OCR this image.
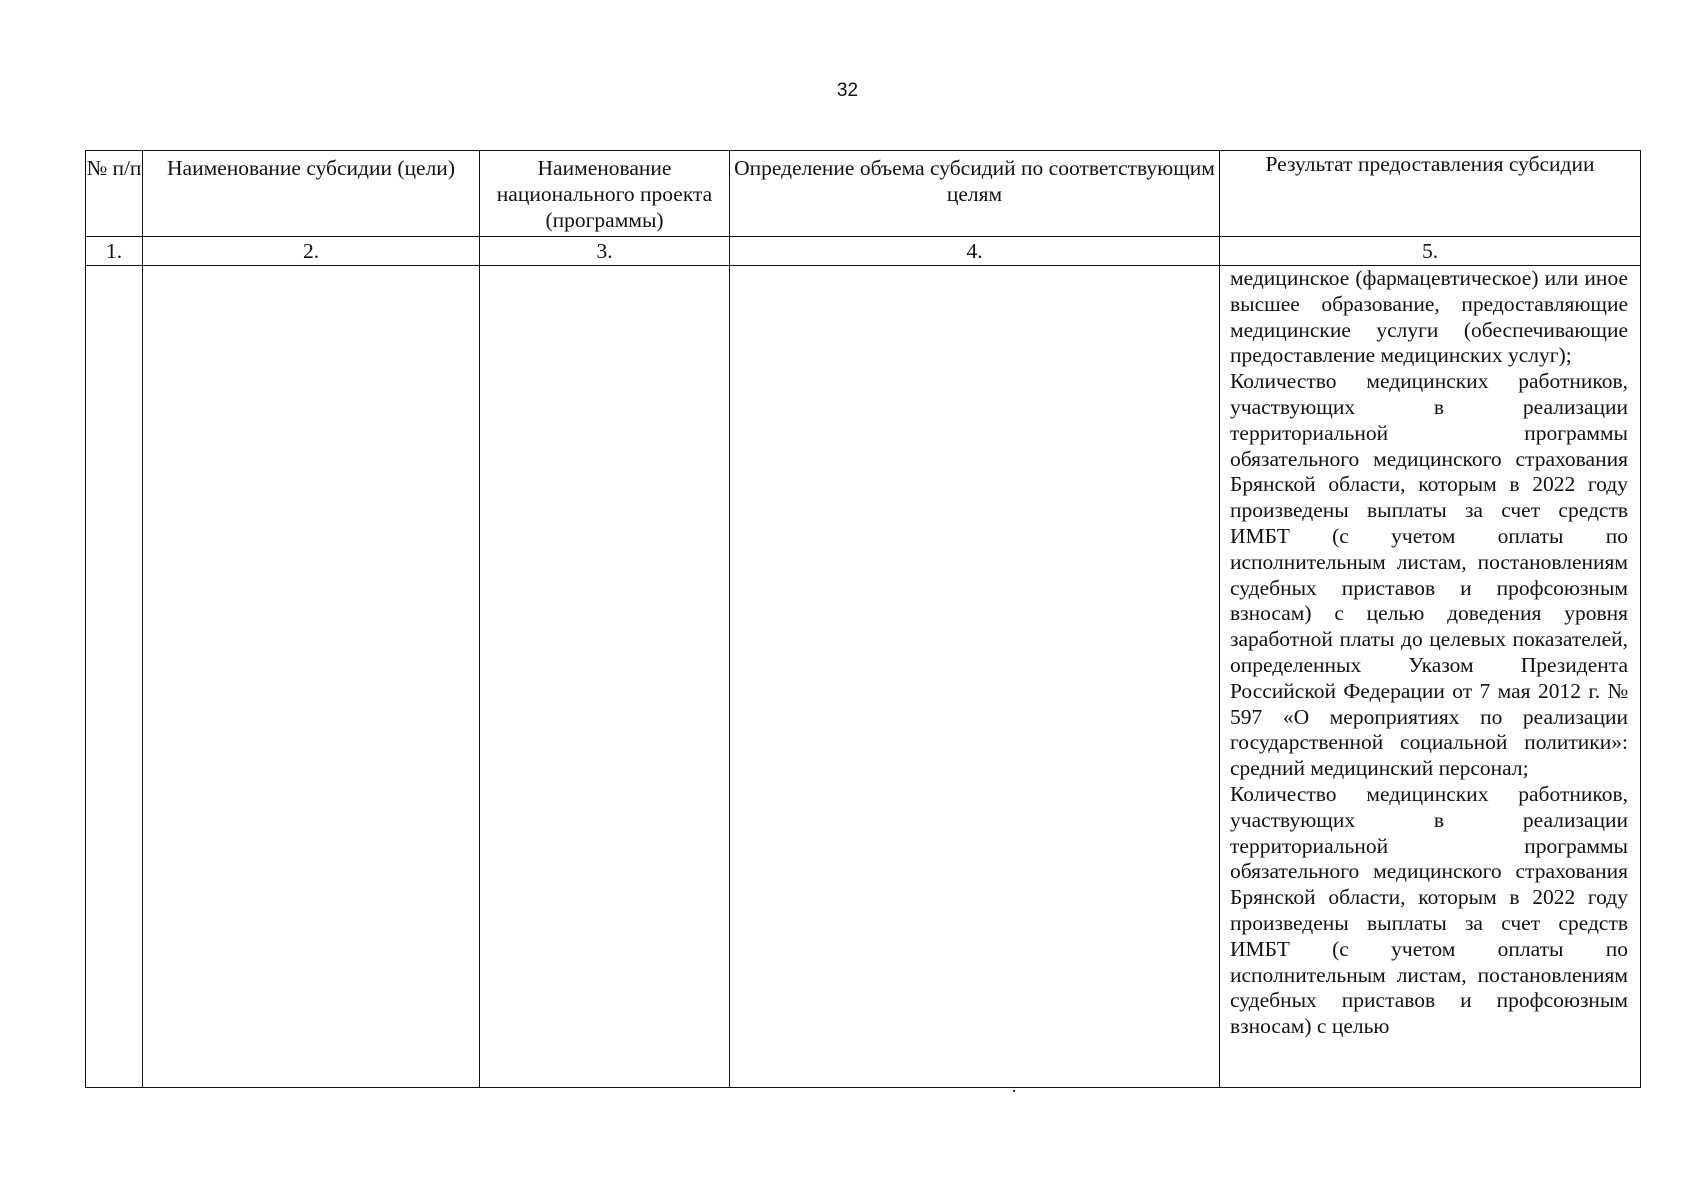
32
№ п/п	Наименование субсидии (цели)	Наименование национального проекта (программы)	Определение объема субсидий по соответствующим целям	Результат предоставления субсидии
1.	2.	3.	4.	5.

				медицинское (фармацевтическое) или иное высшее образование, предоставляющие медицинские услуги (обеспечивающие предоставление медицинских услуг);

Количество медицинских работников, участвующих в реализации территориальной программы обязательного медицинского страхования Брянской области, которым в 2022 году произведены выплаты за счет средств ИМБТ (с учетом оплаты по исполнительным листам, постановлениям судебных приставов и профсоюзным взносам) с целью доведения уровня заработной платы до целевых показателей, определенных Указом Президента Российской Федерации от 7 мая 2012 г. № 597 «О мероприятиях по реализации государственной социальной политики»: средний медицинский персонал;

Количество медицинских работников, участвующих в реализации территориальной программы обязательного медицинского страхования Брянской области, которым в 2022 году произведены выплаты за счет средств ИМБТ (с учетом оплаты по исполнительным листам, постановлениям судебных приставов и профсоюзным взносам) с целью
